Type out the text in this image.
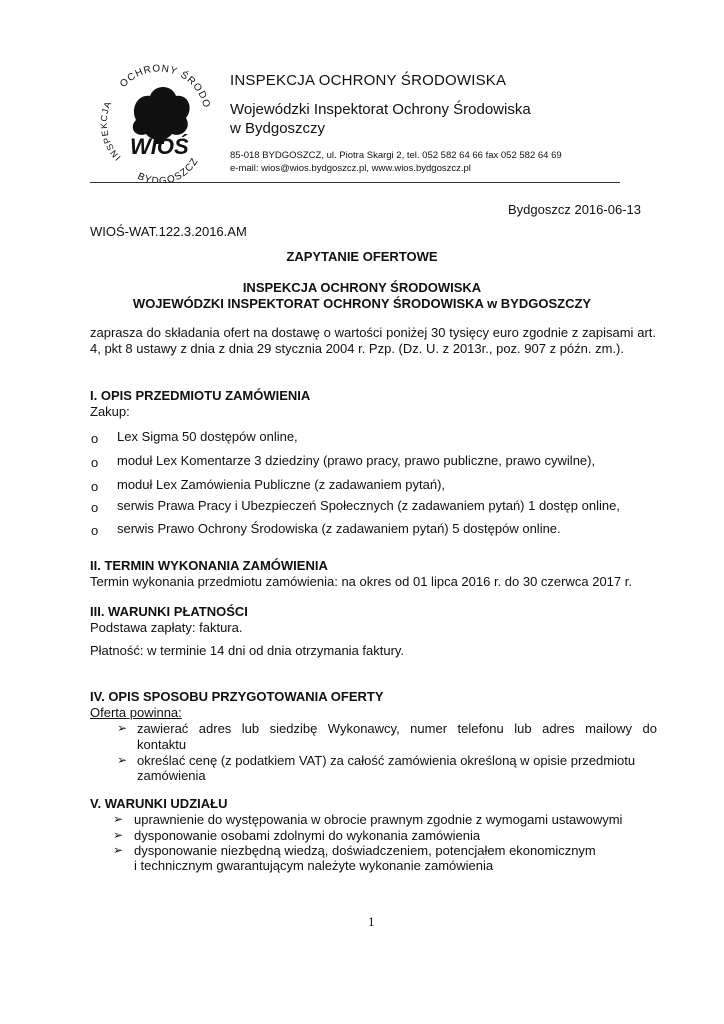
OCHRONY ŚRODO
INSPE JA
BYDGOSZCZ
WIOŚ
INSPEKCJA OCHRONY ŚRODOWISKA
Wojewódzki Inspektorat Ochrony Środowiska
w Bydgoszczy
85-018 BYDGOSZCZ, ul. Piotra Skargi 2, tel. 052 582 64 66 fax 052 582 64 69
e-mail: wios@wios.bydgoszcz.pl, www.wios.bydgoszcz.pl
Bydgoszcz 2016-06-13
WIOŚ-WAT.122.3.2016.AM
ZAPYTANIE OFERTOWE
INSPEKCJA OCHRONY ŚRODOWISKA
WOJEWÓDZKI INSPEKTORAT OCHRONY ŚRODOWISKA w BYDGOSZCZY
zaprasza do składania ofert na dostawę o wartości poniżej 30 tysięcy euro zgodnie z zapisami art. 4, pkt 8 ustawy z dnia z dnia 29 stycznia 2004 r. Pzp. (Dz. U. z 2013r., poz. 907 z późn. zm.).
I. OPIS PRZEDMIOTU ZAMÓWIENIA
Zakup:
o Lex Sigma 50 dostępów online,
o moduł Lex Komentarze 3 dziedziny (prawo pracy, prawo publiczne, prawo cywilne),
o moduł Lex Zamówienia Publiczne (z zadawaniem pytań),
o serwis Prawa Pracy i Ubezpieczeń Społecznych (z zadawaniem pytań) 1 dostęp online,
o serwis Prawo Ochrony Środowiska (z zadawaniem pytań) 5 dostępów online.
II. TERMIN WYKONANIA ZAMÓWIENIA
Termin wykonania przedmiotu zamówienia: na okres od 01 lipca 2016 r. do 30 czerwca 2017 r.
III. WARUNKI PŁATNOŚCI
Podstawa zapłaty: faktura.
Płatność: w terminie 14 dni od dnia otrzymania faktury.
IV. OPIS SPOSOBU PRZYGOTOWANIA OFERTY
Oferta powinna:
➢ zawierać adres lub siedzibę Wykonawcy, numer telefonu lub adres mailowy do
kontaktu
➢ określać cenę (z podatkiem VAT) za całość zamówienia określoną w opisie przedmiotu
zamówienia
V. WARUNKI UDZIAŁU
➢ uprawnienie do występowania w obrocie prawnym zgodnie z wymogami ustawowymi
➢ dysponowanie osobami zdolnymi do wykonania zamówienia
➢ dysponowanie niezbędną wiedzą, doświadczeniem, potencjałem ekonomicznym
i technicznym gwarantującym należyte wykonanie zamówienia
1
